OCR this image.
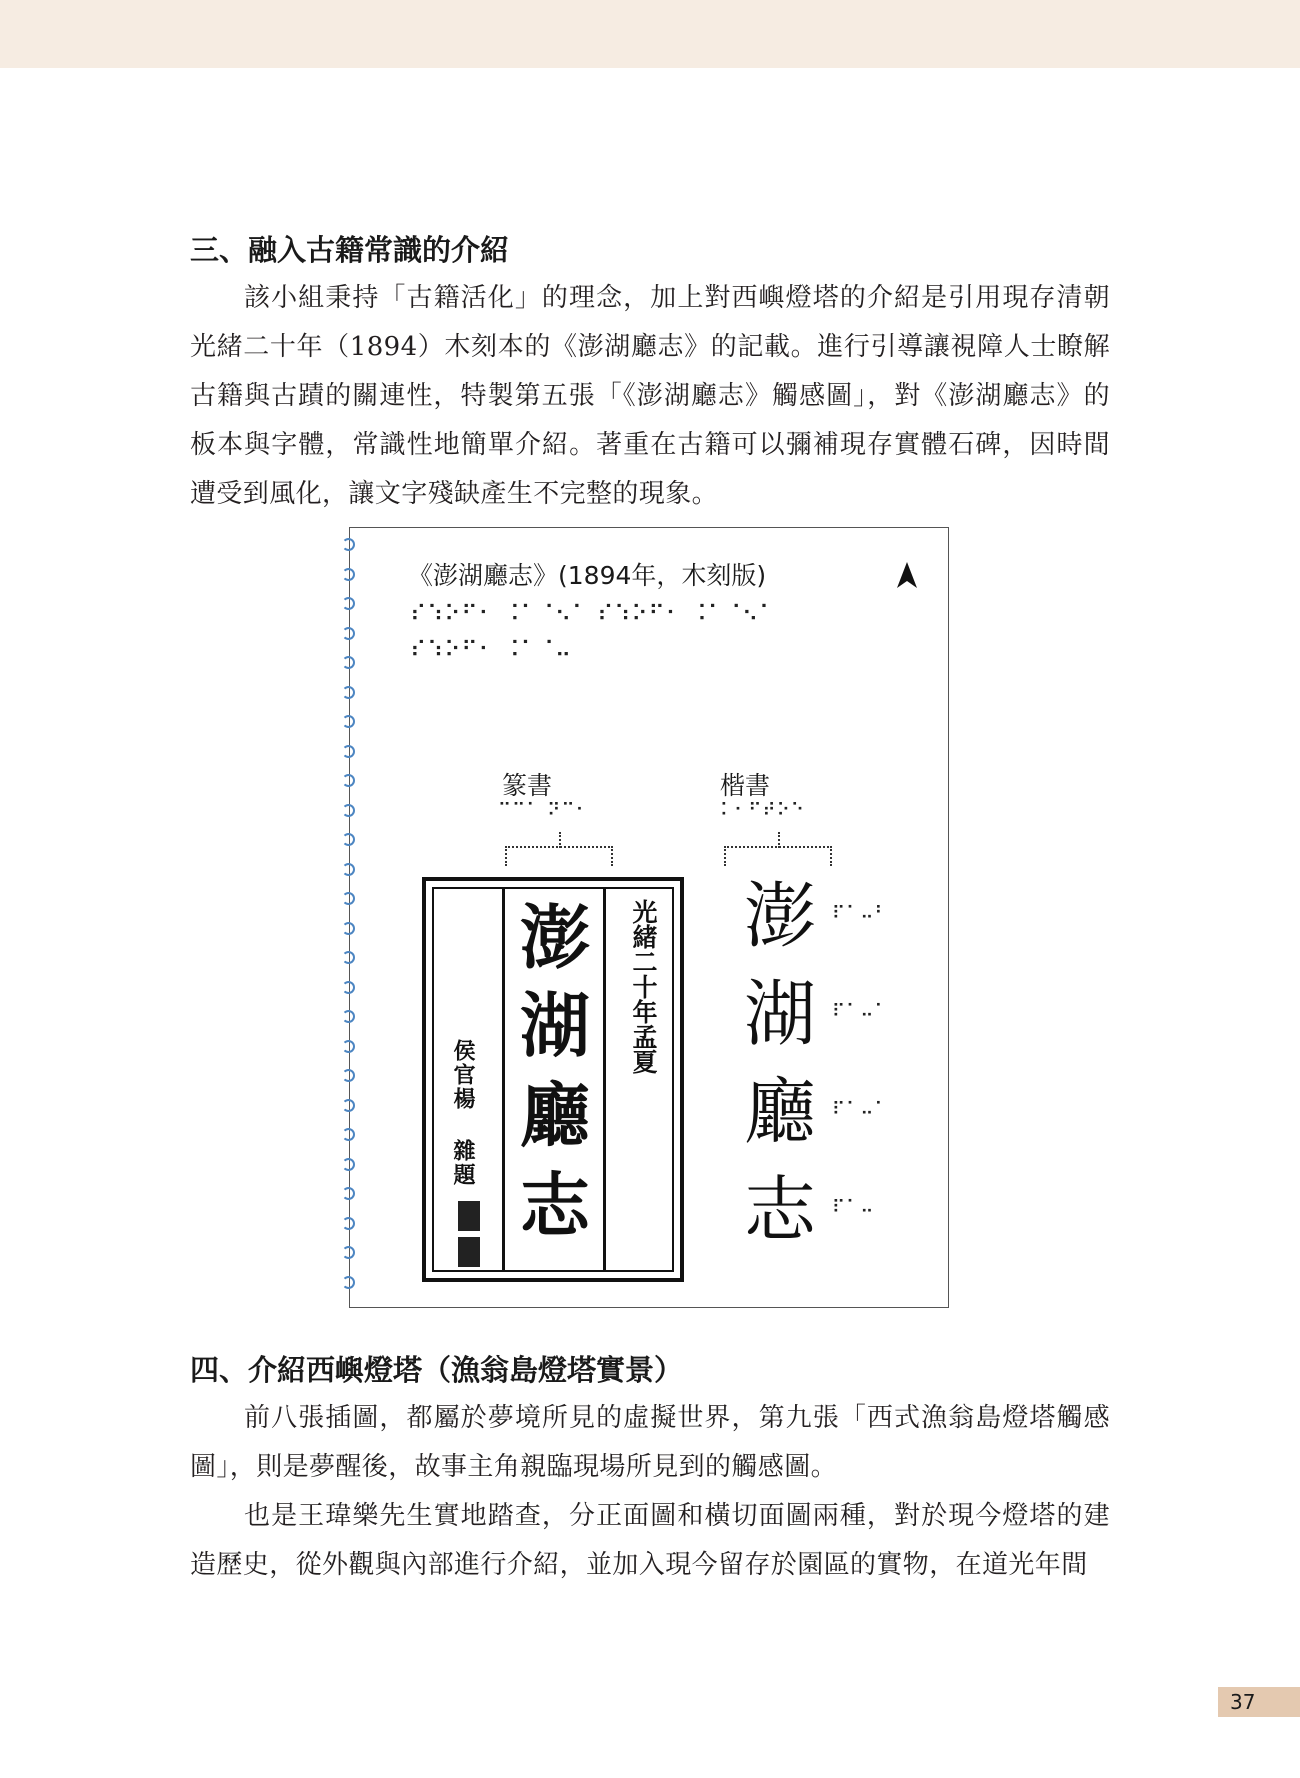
三、融入古籍常識的介紹

該小組秉持「古籍活化」的理念，加上對西嶼燈塔的介紹是引用現存清朝光緒二十年（1894）木刻本的《澎湖廳志》的記載。進行引導讓視障人士瞭解古籍與古蹟的關連性，特製第五張「《澎湖廳志》觸感圖」，對《澎湖廳志》的板本與字體，常識性地簡單介紹。著重在古籍可以彌補現存實體石碑，因時間遭受到風化，讓文字殘缺產生不完整的現象。

《澎湖廳志》(1894年，木刻版)
⠎⠱⠕⠋⠂ ⠨⠁⠈⠢⠁ ⠎⠱⠕⠋⠂ ⠨⠁⠈⠢⠁
⠎⠱⠕⠋⠂ ⠨⠁⠈⠤
篆書
⠉⠉⠁ ⠝⠉⠂
楷書
⠅⠂⠋⠞⠕⠑
侯官楊 雜題
澎
湖
廳
志
光緒二十年孟夏 澎 ⠏⠁⠤⠃
湖 ⠏⠁⠤⠁
廳 ⠏⠁⠤⠁
志 ⠏⠁⠤
四、介紹西嶼燈塔（漁翁島燈塔實景）

前八張插圖，都屬於夢境所見的虛擬世界，第九張「西式漁翁島燈塔觸感圖」，則是夢醒後，故事主角親臨現場所見到的觸感圖。

也是王瑋樂先生實地踏查，分正面圖和橫切面圖兩種，對於現今燈塔的建造歷史，從外觀與內部進行介紹，並加入現今留存於園區的實物，在道光年間

37
